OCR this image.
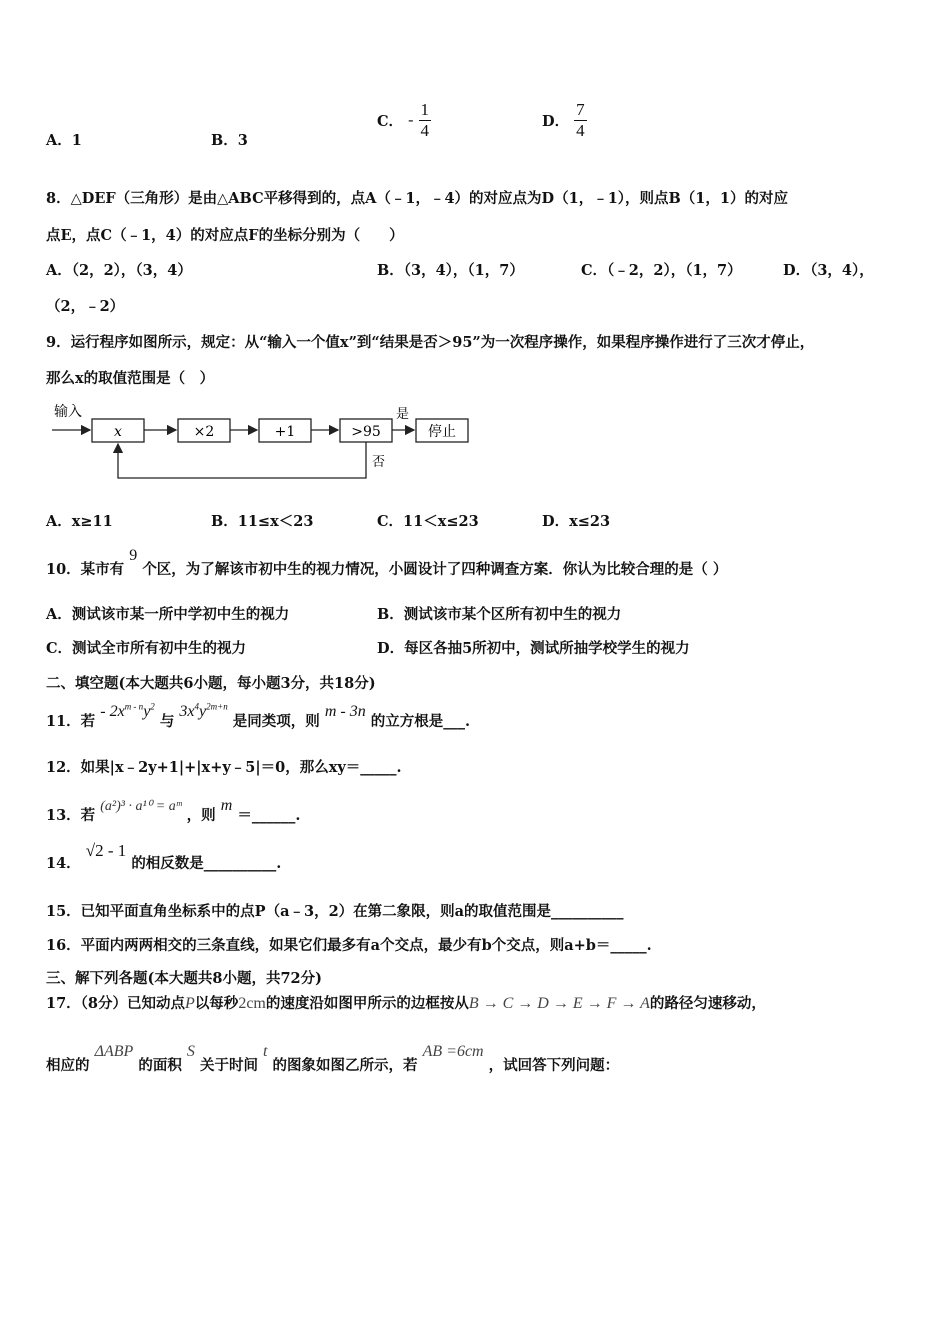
A．1	B．3
C． - $\frac{1}{4}$	D． $\frac{7}{4}$
8．△DEF（三角形）是由△ABC平移得到的，点A（﹣1，﹣4）的对应点为D（1，﹣1），则点B（1，1）的对应
点E，点C（﹣1，4）的对应点F的坐标分别为（　　）
A．（2，2），（3，4）	B．（3，4），（1，7）	C．（﹣2，2），（1，7）	D．（3，4），
（2，﹣2）
9．运行程序如图所示，规定：从“输入一个值x”到“结果是否＞95”为一次程序操作，如果程序操作进行了三次才停止，
那么x的取值范围是（　）
输入
x	×2	+1	>95
是
停止
否
A．x≥11	B．11≤x＜23	C．11＜x≤23	D．x≤23
10．某市有 9 个区，为了解该市初中生的视力情况，小圆设计了四种调查方案．你认为比较合理的是（ ）
A．测试该市某一所中学初中生的视力	B．测试该市某个区所有初中生的视力
C．测试全市所有初中生的视力	D．每区各抽5所初中，测试所抽学校学生的视力
二、填空题(本大题共6小题，每小题3分，共18分)
11．若 - $2x^{m - n}y^2$ 与 $3x^4y^{2m+n}$ 是同类项，则 m - 3n 的立方根是___.
12．如果|x﹣2y+1|+|x+y﹣5|＝0，那么xy＝_____.
13．若 (a²)³ · a¹⁰ = aᵐ ，则 m ＝______.
14． √2 - 1 的相反数是__________.
15．已知平面直角坐标系中的点P（a﹣3，2）在第二象限，则a的取值范围是__________
16．平面内两两相交的三条直线，如果它们最多有a个交点，最少有b个交点，则a+b＝_____.
三、解下列各题(本大题共8小题，共72分)
17．（8分）已知动点P以每秒2cm的速度沿如图甲所示的边框按从B → C → D → E → F → A的路径匀速移动，
相应的 ΔABP 的面积 S 关于时间 t 的图象如图乙所示，若 AB =6cm ，试回答下列问题：
